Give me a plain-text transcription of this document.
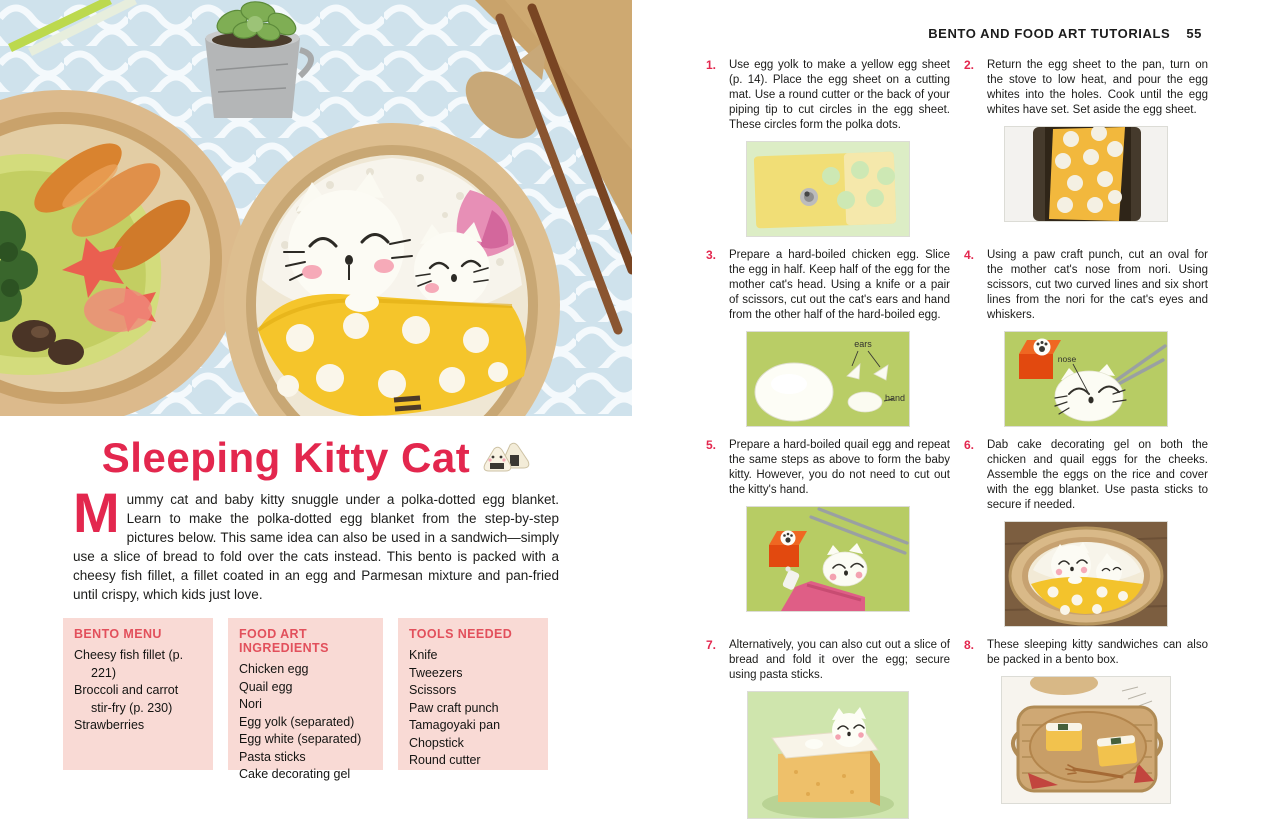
Sleeping Kitty Cat

Mummy cat and baby kitty snuggle under a polka-dotted egg blanket. Learn to make the polka-dotted egg blanket from the step-by-step pictures below. This same idea can also be used in a sandwich—simply use a slice of bread to fold over the cats instead. This bento is packed with a cheesy fish fillet, a fillet coated in an egg and Parmesan mixture and pan-fried until crispy, which kids just love.

BENTO MENU
Cheesy fish fillet (p. 221)
Broccoli and carrot stir-fry (p. 230)
Strawberries
FOOD ART INGREDIENTS
Chicken egg
Quail egg
Nori
Egg yolk (separated)
Egg white (separated)
Pasta sticks
Cake decorating gel
TOOLS NEEDED
Knife
Tweezers
Scissors
Paw craft punch
Tamagoyaki pan
Chopstick
Round cutter
BENTO AND FOOD ART TUTORIALS 55
1. Use egg yolk to make a yellow egg sheet (p. 14). Place the egg sheet on a cutting mat. Use a round cutter or the back of your piping tip to cut circles in the egg sheet. These circles form the polka dots.
2. Return the egg sheet to the pan, turn on the stove to low heat, and pour the egg whites into the holes. Cook until the egg whites have set. Set aside the egg sheet.
3. Prepare a hard-boiled chicken egg. Slice the egg in half. Keep half of the egg for the mother cat's head. Using a knife or a pair of scissors, cut out the cat's ears and hand from the other half of the hard-boiled egg.
ears
hand
4. Using a paw craft punch, cut an oval for the mother cat's nose from nori. Using scissors, cut two curved lines and six short lines from the nori for the cat's eyes and whiskers.
nose
5. Prepare a hard-boiled quail egg and repeat the same steps as above to form the baby kitty. However, you do not need to cut out the kitty's hand.
6. Dab cake decorating gel on both the chicken and quail eggs for the cheeks. Assemble the eggs on the rice and cover with the egg blanket. Use pasta sticks to secure if needed.
7. Alternatively, you can also cut out a slice of bread and fold it over the egg; secure using pasta sticks.
8. These sleeping kitty sandwiches can also be packed in a bento box.
